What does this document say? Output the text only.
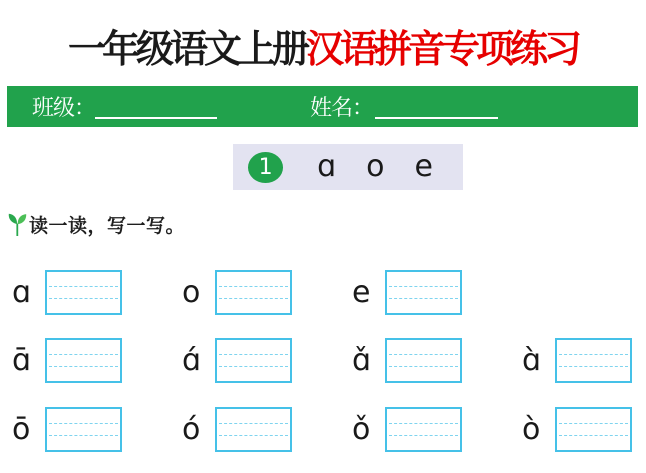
一年级语文上册汉语拼音专项练习
班级：	姓名：
1 ɑ o e
读一读，写一写。
ɑ	o	e
ɑ̄	ɑ́	ɑ̌	ɑ̀
ō	ó	ǒ	ò
